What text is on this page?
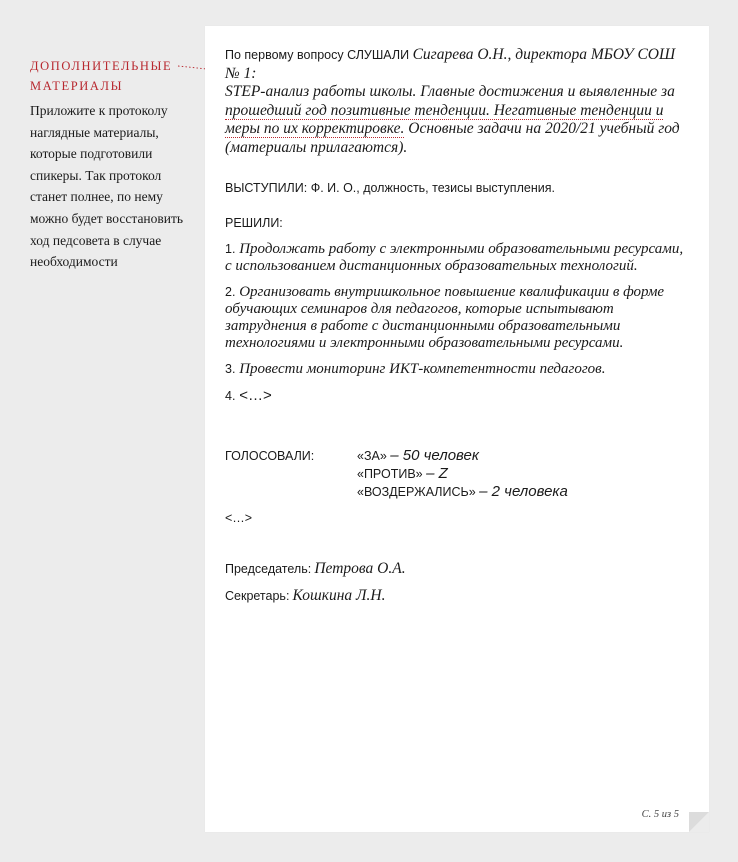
ДОПОЛНИТЕЛЬНЫЕ
МАТЕРИАЛЫ

Приложите к протоколу наглядные материалы, которые подготовили спикеры. Так протокол станет полнее, по нему можно будет восстановить ход педсовета в случае необходимости

По первому вопросу СЛУШАЛИ Сигарева О.Н., директора МБОУ СОШ № 1:
STEP-анализ работы школы. Главные достижения и выявленные за прошедший год позитивные тенденции. Негативные тенденции и меры по их корректировке. Основные задачи на 2020/21 учебный год (материалы прилагаются).

ВЫСТУПИЛИ: Ф. И. О., должность, тезисы выступления.

РЕШИЛИ:

1. Продолжать работу с электронными образовательными ресурсами, с использованием дистанционных образовательных технологий.

2. Организовать внутришкольное повышение квалификации в форме обучающих семинаров для педагогов, которые испытывают затруднения в работе с дистанционными образовательными технологиями и электронными образовательными ресурсами.

3. Провести мониторинг ИКТ-компетентности педагогов.

4. <…>

ГОЛОСОВАЛИ:	«ЗА» – 50 человек
«ПРОТИВ» – Z
«ВОЗДЕРЖАЛИСЬ» – 2 человека
<…>
Председатель: Петрова О.А.
Секретарь: Кошкина Л.Н.
С. 5 из 5
